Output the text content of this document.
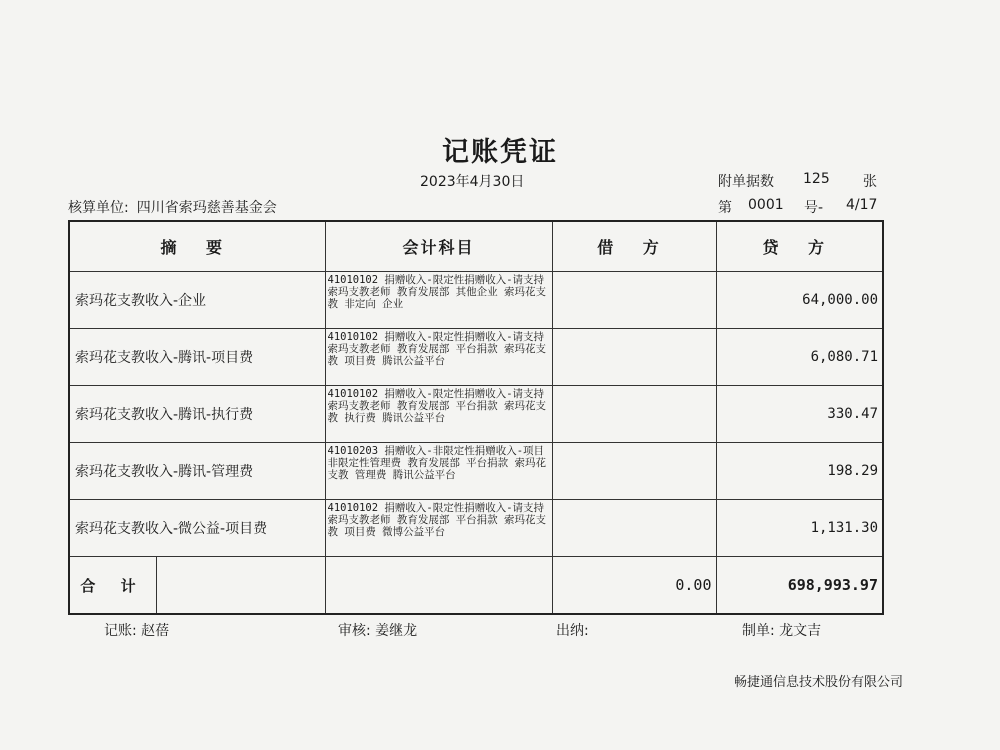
记账凭证
2023年4月30日	附单据数 125 张
核算单位: 四川省索玛慈善基金会	第 0001 号- 4/17
摘 要	会计科目	借 方	贷 方
索玛花支教收入-企业	41010102 捐赠收入-限定性捐赠收入-请支持索玛支教老师 教育发展部 其他企业 索玛花支教 非定向 企业		64,000.00
索玛花支教收入-腾讯-项目费	41010102 捐赠收入-限定性捐赠收入-请支持索玛支教老师 教育发展部 平台捐款 索玛花支教 项目费 腾讯公益平台		6,080.71
索玛花支教收入-腾讯-执行费	41010102 捐赠收入-限定性捐赠收入-请支持索玛支教老师 教育发展部 平台捐款 索玛花支教 执行费 腾讯公益平台		330.47
索玛花支教收入-腾讯-管理费	41010203 捐赠收入-非限定性捐赠收入-项目非限定性管理费 教育发展部 平台捐款 索玛花支教 管理费 腾讯公益平台		198.29
索玛花支教收入-微公益-项目费	41010102 捐赠收入-限定性捐赠收入-请支持索玛支教老师 教育发展部 平台捐款 索玛花支教 项目费 微博公益平台		1,131.30

合 计		0.00	698,993.97
记账: 赵蓓	审核: 姜继龙	出纳:	制单: 龙文吉
畅捷通信息技术股份有限公司
